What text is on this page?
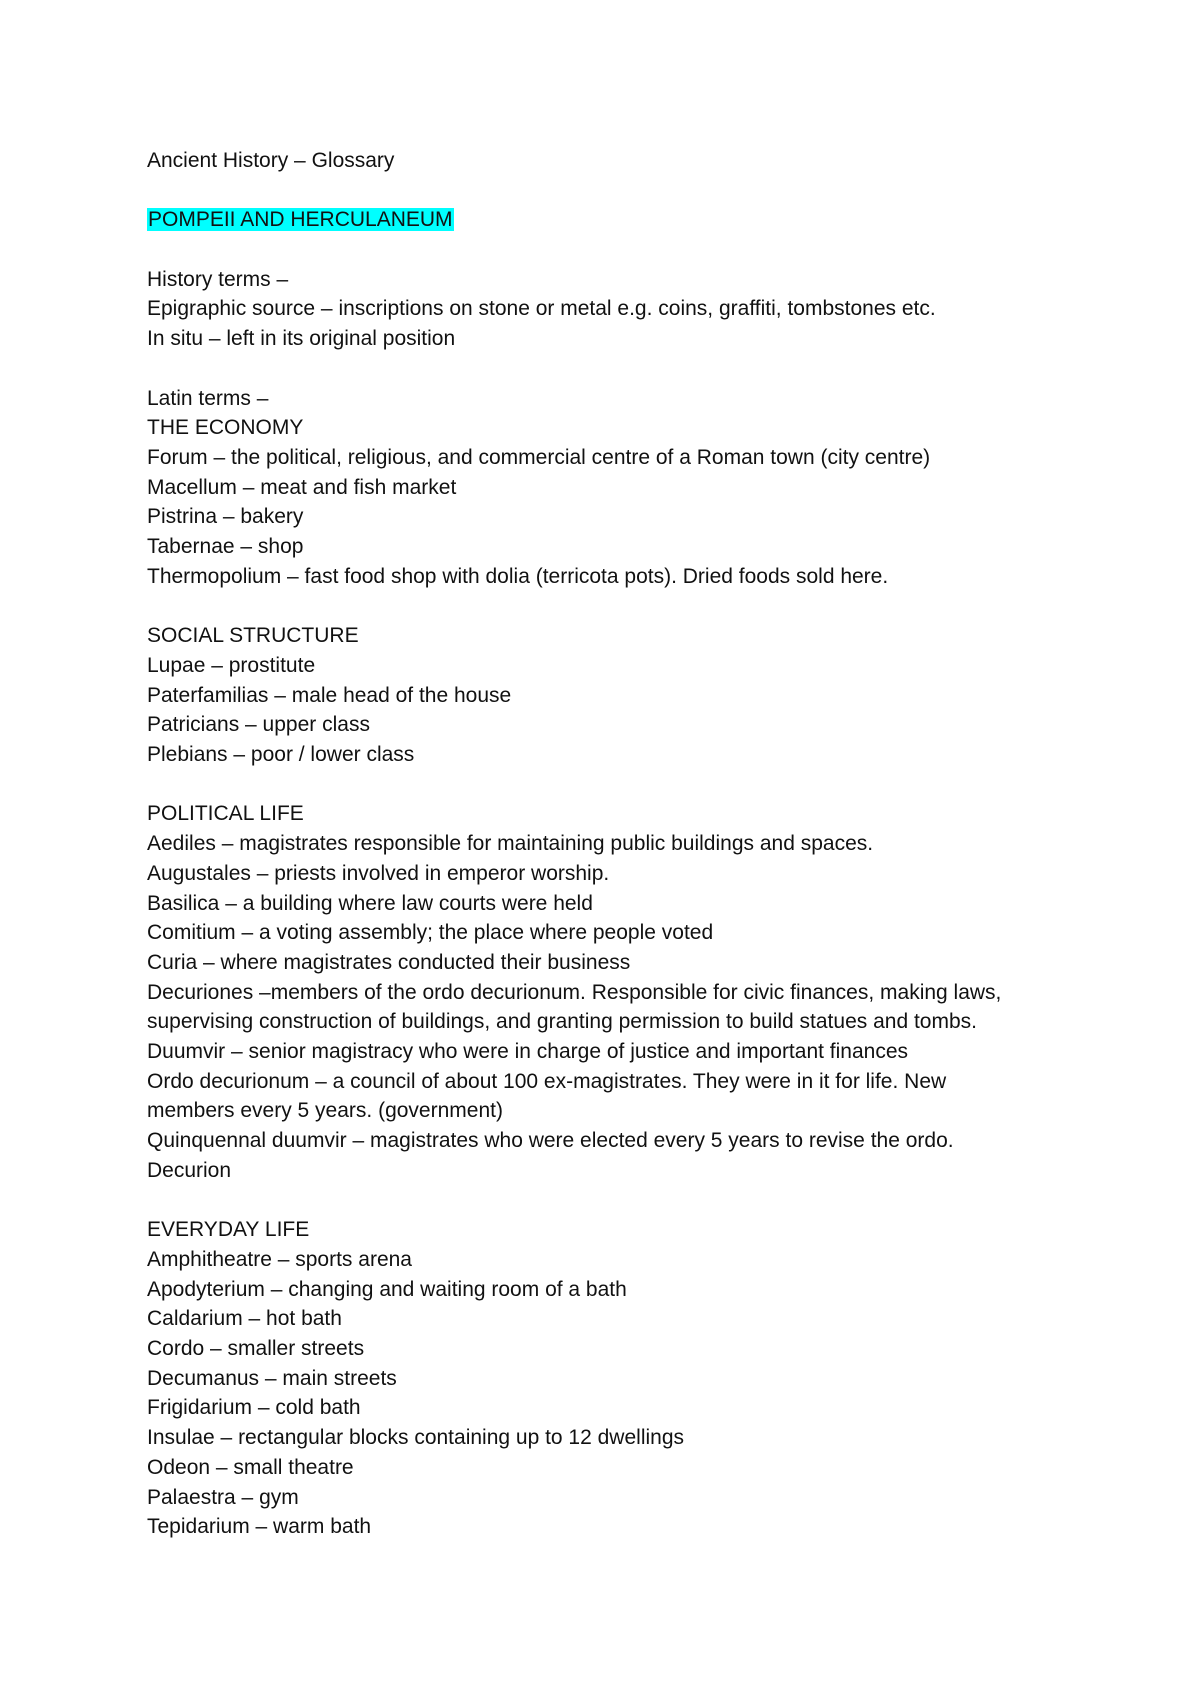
Ancient History – Glossary

POMPEII AND HERCULANEUM

History terms –

Epigraphic source – inscriptions on stone or metal e.g. coins, graffiti, tombstones etc.

In situ – left in its original position

Latin terms –

THE ECONOMY

Forum – the political, religious, and commercial centre of a Roman town (city centre)

Macellum – meat and fish market

Pistrina – bakery

Tabernae – shop

Thermopolium – fast food shop with dolia (terricota pots). Dried foods sold here.

SOCIAL STRUCTURE

Lupae – prostitute

Paterfamilias – male head of the house

Patricians – upper class

Plebians – poor / lower class

POLITICAL LIFE

Aediles – magistrates responsible for maintaining public buildings and spaces.

Augustales – priests involved in emperor worship.

Basilica – a building where law courts were held

Comitium – a voting assembly; the place where people voted

Curia – where magistrates conducted their business

Decuriones –members of the ordo decurionum. Responsible for civic finances, making laws,

supervising construction of buildings, and granting permission to build statues and tombs.

Duumvir – senior magistracy who were in charge of justice and important finances

Ordo decurionum – a council of about 100 ex-magistrates. They were in it for life. New

members every 5 years. (government)

Quinquennal duumvir – magistrates who were elected every 5 years to revise the ordo.

Decurion

EVERYDAY LIFE

Amphitheatre – sports arena

Apodyterium – changing and waiting room of a bath

Caldarium – hot bath

Cordo – smaller streets

Decumanus – main streets

Frigidarium – cold bath

Insulae – rectangular blocks containing up to 12 dwellings

Odeon – small theatre

Palaestra – gym

Tepidarium – warm bath
